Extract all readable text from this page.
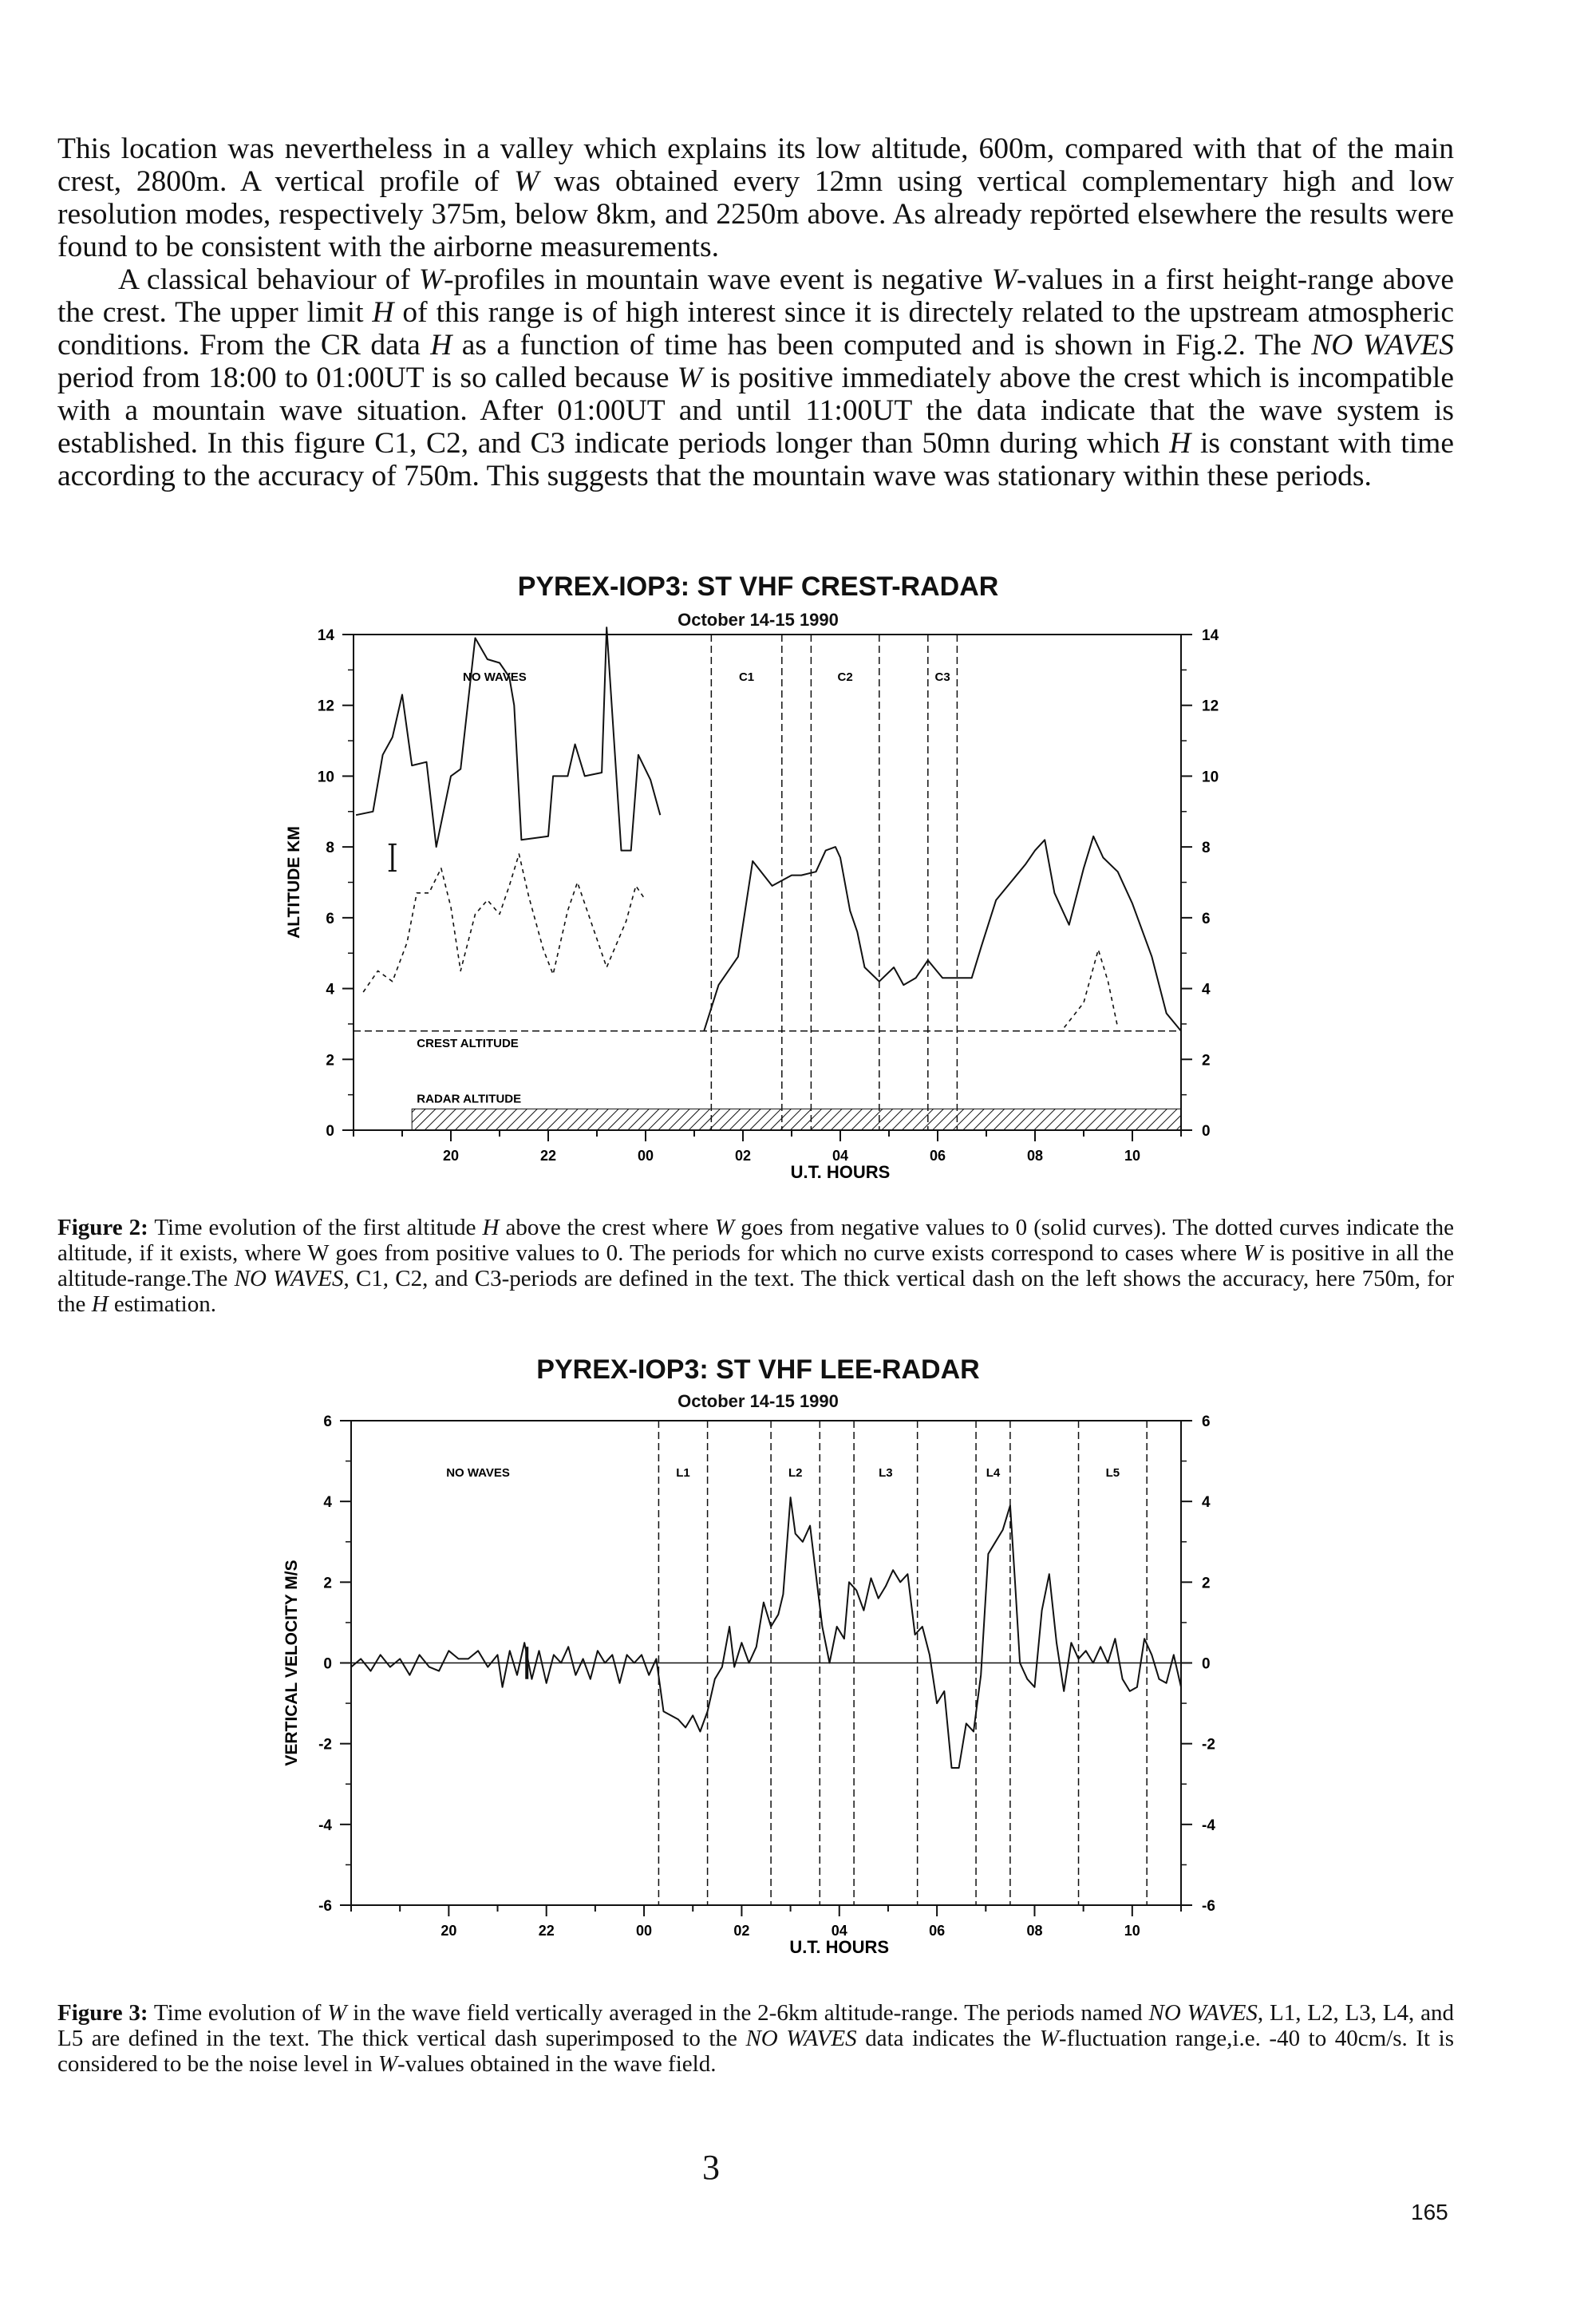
This location was nevertheless in a valley which explains its low altitude, 600m, compared with that of the main crest, 2800m. A vertical profile of W was obtained every 12mn using vertical complementary high and low resolution modes, respectively 375m, below 8km, and 2250m above. As already repörted elsewhere the results were found to be consistent with the airborne measurements.

A classical behaviour of W-profiles in mountain wave event is negative W-values in a first height-range above the crest. The upper limit H of this range is of high interest since it is directely related to the upstream atmospheric conditions. From the CR data H as a function of time has been computed and is shown in Fig.2. The NO WAVES period from 18:00 to 01:00UT is so called because W is positive immediately above the crest which is incompatible with a mountain wave situation. After 01:00UT and until 11:00UT the data indicate that the wave system is established. In this figure C1, C2, and C3 indicate periods longer than 50mn during which H is constant with time according to the accuracy of 750m. This suggests that the mountain wave was stationary within these periods.

PYREX-IOP3: ST VHF CREST-RADAR
October 14-15 1990
RADAR ALTITUDE
CREST ALTITUDE
0	0
2	2
4	4
6	6
8	8
10	10
12	12
14	14
20	22	00	02	04	06	08	10
U.T. HOURS
ALTITUDE KM
NO WAVES	C1	C2	C3
Figure 2: Time evolution of the first altitude H above the crest where W goes from negative values to 0 (solid curves). The dotted curves indicate the altitude, if it exists, where W goes from positive values to 0. The periods for which no curve exists correspond to cases where W is positive in all the altitude-range.The NO WAVES, C1, C2, and C3-periods are defined in the text. The thick vertical dash on the left shows the accuracy, here 750m, for the H estimation.
PYREX-IOP3: ST VHF LEE-RADAR
October 14-15 1990
-6	-6
-4	-4
-2	-2
0	0
2	2
4	4
6	6
20	22	00	02	04	06	08	10
U.T. HOURS
VERTICAL VELOCITY M/S
NO WAVES	L1	L2	L3	L4	L5
Figure 3: Time evolution of W in the wave field vertically averaged in the 2-6km altitude-range. The periods named NO WAVES, L1, L2, L3, L4, and L5 are defined in the text. The thick vertical dash superimposed to the NO WAVES data indicates the W-fluctuation range,i.e. -40 to 40cm/s. It is considered to be the noise level in W-values obtained in the wave field.
3
165
